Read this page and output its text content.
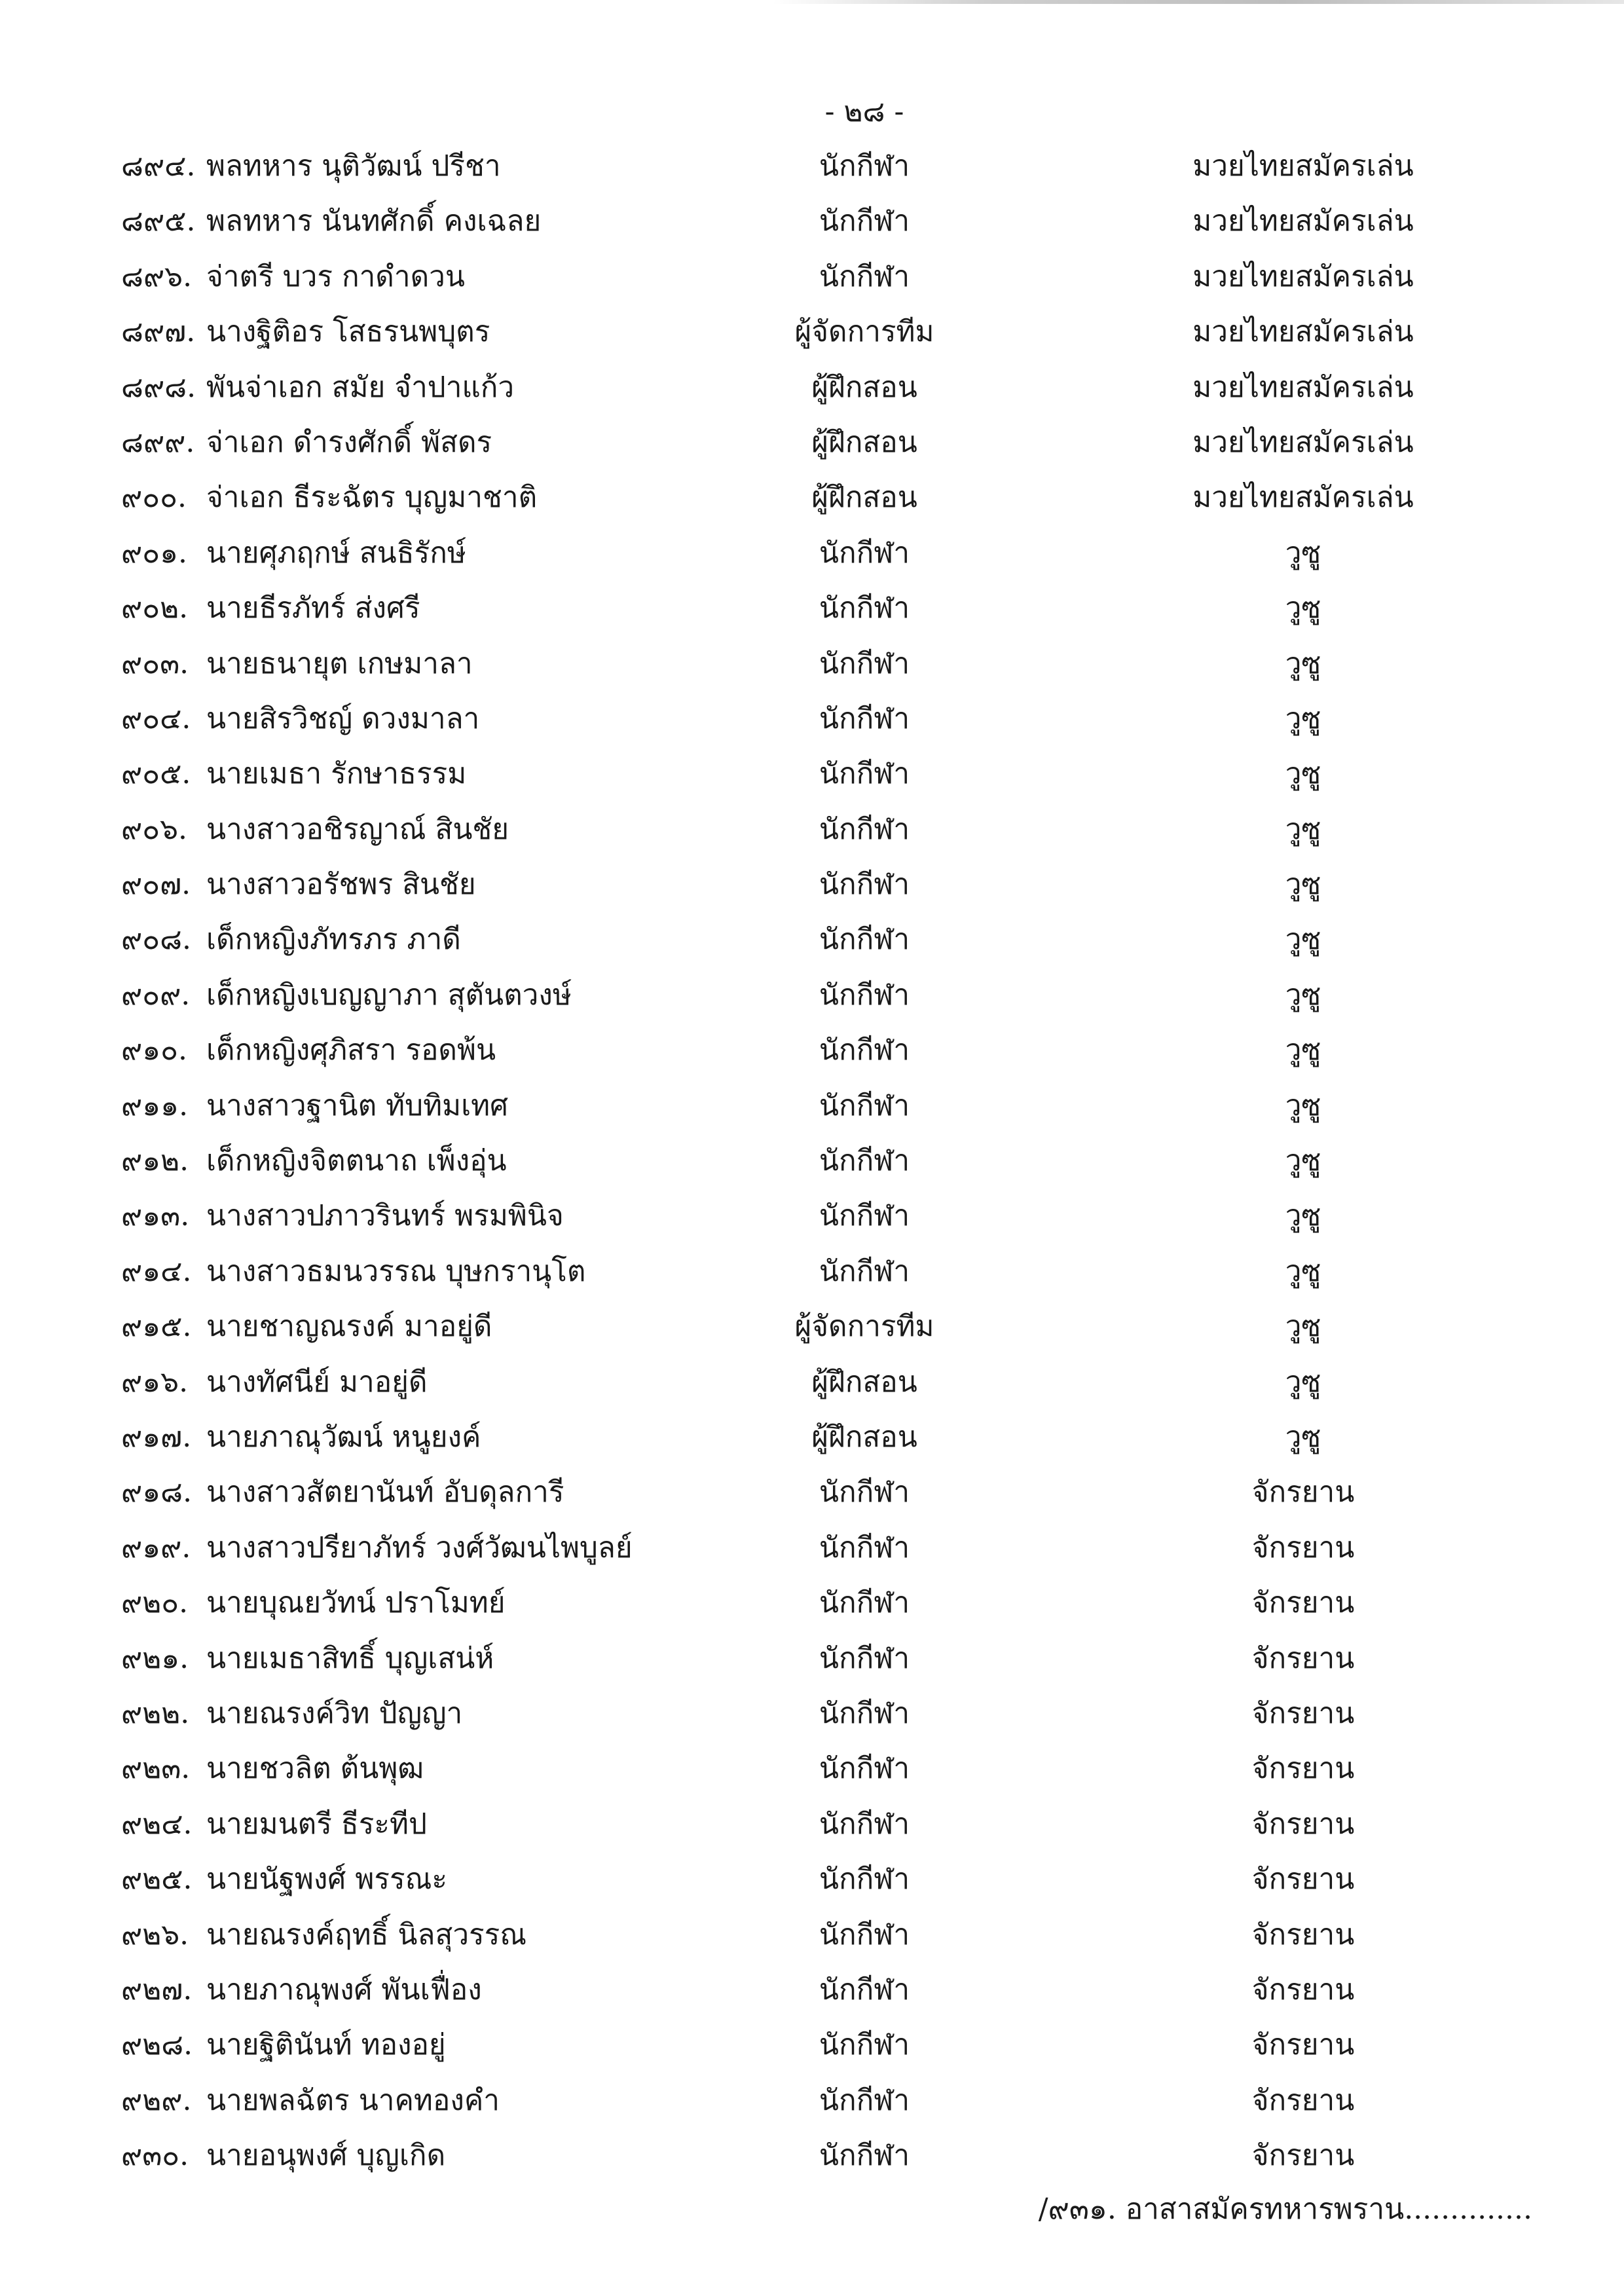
- ๒๘ -
๘๙๔. พลทหาร นุติวัฒน์ ปรีชา	นักกีฬา	มวยไทยสมัครเล่น
๘๙๕. พลทหาร นันทศักดิ์ คงเฉลย	นักกีฬา	มวยไทยสมัครเล่น
๘๙๖. จ่าตรี บวร กาดำดวน	นักกีฬา	มวยไทยสมัครเล่น
๘๙๗. นางฐิติอร โสธรนพบุตร	ผู้จัดการทีม	มวยไทยสมัครเล่น
๘๙๘. พันจ่าเอก สมัย จำปาแก้ว	ผู้ฝึกสอน	มวยไทยสมัครเล่น
๘๙๙. จ่าเอก ดำรงศักดิ์ พัสดร	ผู้ฝึกสอน	มวยไทยสมัครเล่น
๙๐๐. จ่าเอก ธีระฉัตร บุญมาชาติ	ผู้ฝึกสอน	มวยไทยสมัครเล่น
๙๐๑. นายศุภฤกษ์ สนธิรักษ์	นักกีฬา	วูซู
๙๐๒. นายธีรภัทร์ ส่งศรี	นักกีฬา	วูซู
๙๐๓. นายธนายุต เกษมาลา	นักกีฬา	วูซู
๙๐๔. นายสิรวิชญ์ ดวงมาลา	นักกีฬา	วูซู
๙๐๕. นายเมธา รักษาธรรม	นักกีฬา	วูซู
๙๐๖. นางสาวอชิรญาณ์ สินชัย	นักกีฬา	วูซู
๙๐๗. นางสาวอรัชพร สินชัย	นักกีฬา	วูซู
๙๐๘. เด็กหญิงภัทรภร ภาดี	นักกีฬา	วูซู
๙๐๙. เด็กหญิงเบญญาภา สุตันตวงษ์	นักกีฬา	วูซู
๙๑๐. เด็กหญิงศุภิสรา รอดพ้น	นักกีฬา	วูซู
๙๑๑. นางสาวฐานิต ทับทิมเทศ	นักกีฬา	วูซู
๙๑๒. เด็กหญิงจิตตนาถ เพ็งอุ่น	นักกีฬา	วูซู
๙๑๓. นางสาวปภาวรินทร์ พรมพินิจ	นักกีฬา	วูซู
๙๑๔. นางสาวธมนวรรณ บุษกรานุโต	นักกีฬา	วูซู
๙๑๕. นายชาญณรงค์ มาอยู่ดี	ผู้จัดการทีม	วูซู
๙๑๖. นางทัศนีย์ มาอยู่ดี	ผู้ฝึกสอน	วูซู
๙๑๗. นายภาณุวัฒน์ หนูยงค์	ผู้ฝึกสอน	วูซู
๙๑๘. นางสาวสัตยานันท์ อับดุลการี	นักกีฬา	จักรยาน
๙๑๙. นางสาวปรียาภัทร์ วงศ์วัฒนไพบูลย์	นักกีฬา	จักรยาน
๙๒๐. นายบุณยวัทน์ ปราโมทย์	นักกีฬา	จักรยาน
๙๒๑. นายเมธาสิทธิ์ บุญเสน่ห์	นักกีฬา	จักรยาน
๙๒๒. นายณรงค์วิท ปัญญา	นักกีฬา	จักรยาน
๙๒๓. นายชวลิต ต้นพุฒ	นักกีฬา	จักรยาน
๙๒๔. นายมนตรี ธีระทีป	นักกีฬา	จักรยาน
๙๒๕. นายนัฐพงศ์ พรรณะ	นักกีฬา	จักรยาน
๙๒๖. นายณรงค์ฤทธิ์ นิลสุวรรณ	นักกีฬา	จักรยาน
๙๒๗. นายภาณุพงศ์ พันเฟื่อง	นักกีฬา	จักรยาน
๙๒๘. นายฐิตินันท์ ทองอยู่	นักกีฬา	จักรยาน
๙๒๙. นายพลฉัตร นาคทองคำ	นักกีฬา	จักรยาน
๙๓๐. นายอนุพงศ์ บุญเกิด	นักกีฬา	จักรยาน
/๙๓๑. อาสาสมัครทหารพราน..............
